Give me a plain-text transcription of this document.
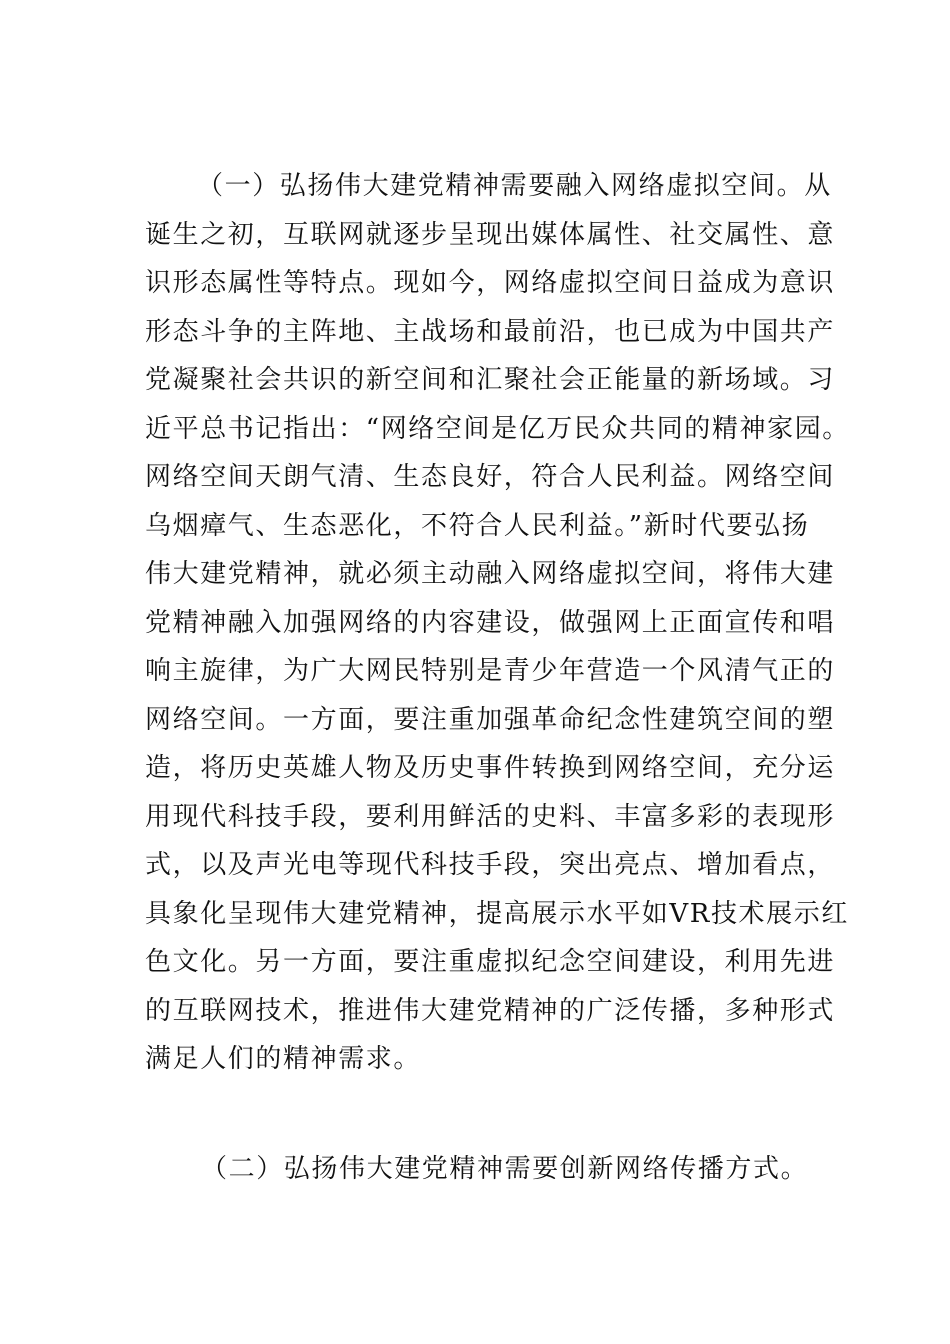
（一）弘扬伟大建党精神需要融入网络虚拟空间。从
诞生之初，互联网就逐步呈现出媒体属性、社交属性、意
识形态属性等特点。现如今，网络虚拟空间日益成为意识
形态斗争的主阵地、主战场和最前沿，也已成为中国共产
党凝聚社会共识的新空间和汇聚社会正能量的新场域。习
近平总书记指出：“网络空间是亿万民众共同的精神家园。
网络空间天朗气清、生态良好，符合人民利益。网络空间
乌烟瘴气、生态恶化，不符合人民利益。”新时代要弘扬
伟大建党精神，就必须主动融入网络虚拟空间，将伟大建
党精神融入加强网络的内容建设，做强网上正面宣传和唱
响主旋律，为广大网民特别是青少年营造一个风清气正的
网络空间。一方面，要注重加强革命纪念性建筑空间的塑
造，将历史英雄人物及历史事件转换到网络空间，充分运
用现代科技手段，要利用鲜活的史料、丰富多彩的表现形
式，以及声光电等现代科技手段，突出亮点、增加看点，
具象化呈现伟大建党精神，提高展示水平如VR技术展示红
色文化。另一方面，要注重虚拟纪念空间建设，利用先进
的互联网技术，推进伟大建党精神的广泛传播，多种形式
满足人们的精神需求。
（二）弘扬伟大建党精神需要创新网络传播方式。
